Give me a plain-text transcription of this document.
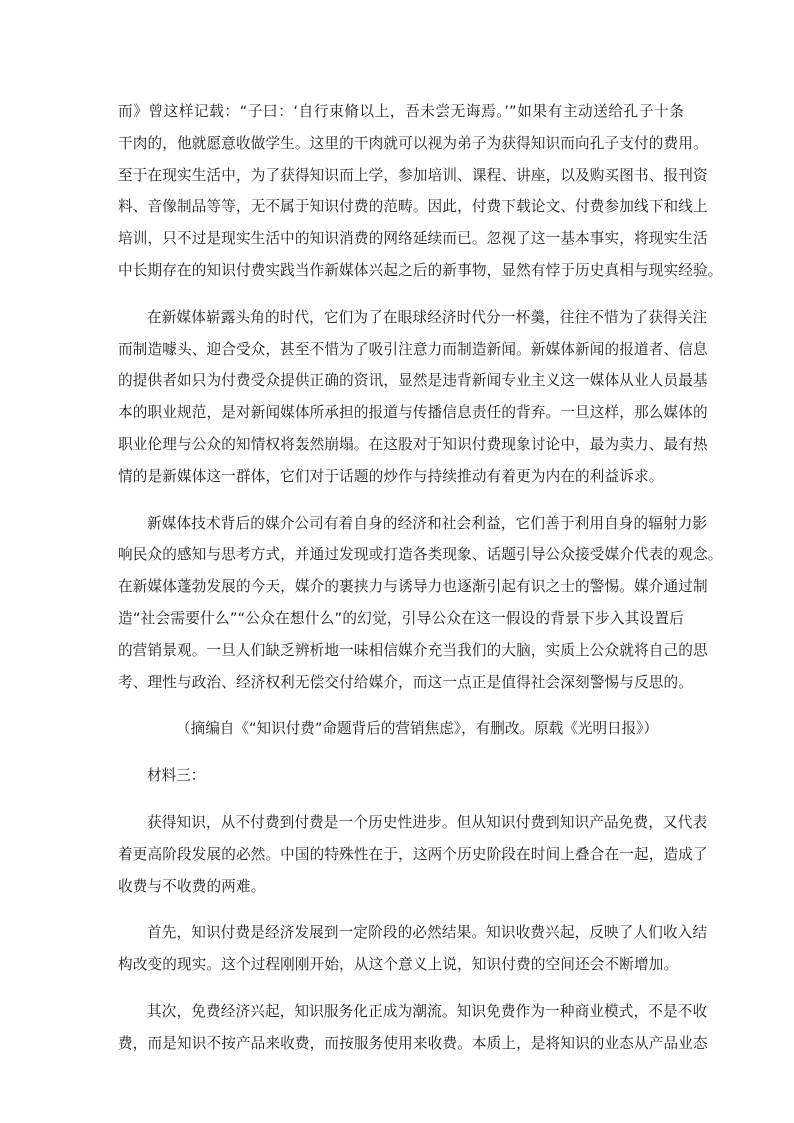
而》曾这样记载：“子曰：‘自行束脩以上，吾未尝无诲焉。’”如果有主动送给孔子十条
干肉的，他就愿意收做学生。这里的干肉就可以视为弟子为获得知识而向孔子支付的费用。
至于在现实生活中，为了获得知识而上学，参加培训、课程、讲座，以及购买图书、报刊资
料、音像制品等等，无不属于知识付费的范畴。因此，付费下载论文、付费参加线下和线上
培训，只不过是现实生活中的知识消费的网络延续而已。忽视了这一基本事实，将现实生活
中长期存在的知识付费实践当作新媒体兴起之后的新事物，显然有悖于历史真相与现实经验。
在新媒体崭露头角的时代，它们为了在眼球经济时代分一杯羹，往往不惜为了获得关注
而制造噱头、迎合受众，甚至不惜为了吸引注意力而制造新闻。新媒体新闻的报道者、信息
的提供者如只为付费受众提供正确的资讯，显然是违背新闻专业主义这一媒体从业人员最基
本的职业规范，是对新闻媒体所承担的报道与传播信息责任的背弃。一旦这样，那么媒体的
职业伦理与公众的知情权将轰然崩塌。在这股对于知识付费现象讨论中，最为卖力、最有热
情的是新媒体这一群体，它们对于话题的炒作与持续推动有着更为内在的利益诉求。
新媒体技术背后的媒介公司有着自身的经济和社会利益，它们善于利用自身的辐射力影
响民众的感知与思考方式，并通过发现或打造各类现象、话题引导公众接受媒介代表的观念。
在新媒体蓬勃发展的今天，媒介的裹挟力与诱导力也逐渐引起有识之士的警惕。媒介通过制
造“社会需要什么”“公众在想什么”的幻觉，引导公众在这一假设的背景下步入其设置后
的营销景观。一旦人们缺乏辨析地一味相信媒介充当我们的大脑，实质上公众就将自己的思
考、理性与政治、经济权利无偿交付给媒介，而这一点正是值得社会深刻警惕与反思的。

（摘编自《“知识付费”命题背后的营销焦虑》，有删改。原载《光明日报》）

材料三：

获得知识，从不付费到付费是一个历史性进步。但从知识付费到知识产品免费，又代表
着更高阶段发展的必然。中国的特殊性在于，这两个历史阶段在时间上叠合在一起，造成了
收费与不收费的两难。
首先，知识付费是经济发展到一定阶段的必然结果。知识收费兴起，反映了人们收入结
构改变的现实。这个过程刚刚开始，从这个意义上说，知识付费的空间还会不断增加。
其次，免费经济兴起，知识服务化正成为潮流。知识免费作为一种商业模式，不是不收
费，而是知识不按产品来收费，而按服务使用来收费。本质上，是将知识的业态从产品业态
